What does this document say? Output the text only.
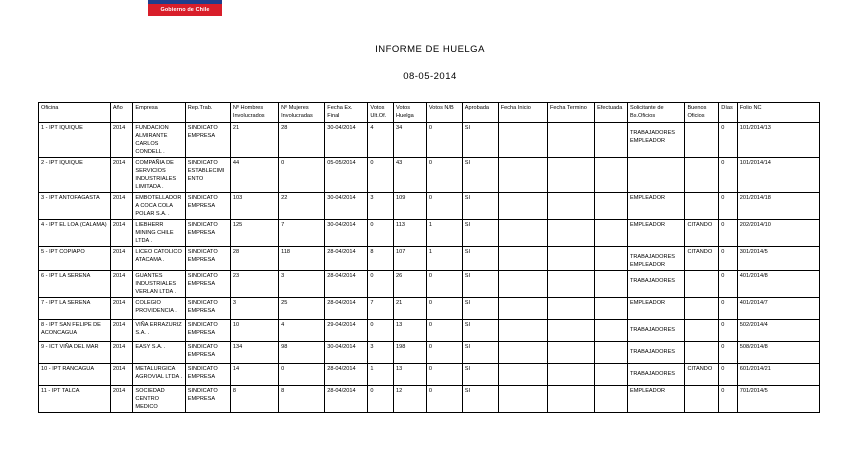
Gobierno de Chile
INFORME DE HUELGA
08-05-2014
Oficina	Año	Empresa	Rep.Trab.	Nº Hombres Involucrados	Nº Mujeres Involucradas	Fecha Ex. Final	Votos Ult.Of.	Votos Huelga	Votos N/B	Aprobada	Fecha Inicio	Fecha Termino	Efectuada	Solicitante de Bs.Oficios	Buenos Oficios	Días	Folio NC
1 - IPT IQUIQUE	2014	FUNDACION ALMIRANTE CARLOS CONDELL .	SINDICATO EMPRESA	21	28	30-04/2014	4	34	0	SI				TRABAJADORES EMPLEADOR		0	101/2014/13
2 - IPT IQUIQUE	2014	COMPAÑIA DE SERVICIOS INDUSTRIALES LIMITADA .	SINDICATO ESTABLECIMIENTO	44	0	05-05/2014	0	43	0	SI						0	101/2014/14
3 - IPT ANTOFAGASTA	2014	EMBOTELLADORA COCA COLA POLAR S.A. .	SINDICATO EMPRESA	103	22	30-04/2014	3	109	0	SI				EMPLEADOR		0	201/2014/18
4 - IPT EL LOA (CALAMA)	2014	LIEBHERR MINING CHILE LTDA .	SINDICATO EMPRESA	125	7	30-04/2014	0	113	1	SI				EMPLEADOR	CITANDO	0	202/2014/10
5 - IPT COPIAPO	2014	LICEO CATOLICO ATACAMA .	SINDICATO EMPRESA	28	118	28-04/2014	8	107	1	SI				TRABAJADORES EMPLEADOR	CITANDO	0	301/2014/5
6 - IPT LA SERENA	2014	GUANTES INDUSTRIALES VERLAN LTDA .	SINDICATO EMPRESA	23	3	28-04/2014	0	26	0	SI				TRABAJADORES		0	401/2014/8
7 - IPT LA SERENA	2014	COLEGIO PROVIDENCIA .	SINDICATO EMPRESA	3	25	28-04/2014	7	21	0	SI				EMPLEADOR		0	401/2014/7
8 - IPT SAN FELIPE DE ACONCAGUA	2014	VIÑA ERRAZURIZ S.A. .	SINDICATO EMPRESA	10	4	29-04/2014	0	13	0	SI				TRABAJADORES		0	502/2014/4
9 - ICT VIÑA DEL MAR	2014	EASY S.A. .	SINDICATO EMPRESA	134	98	30-04/2014	3	198	0	SI				TRABAJADORES		0	508/2014/8
10 - IPT RANCAGUA	2014	METALURGICA AGROVIAL LTDA .	SINDICATO EMPRESA	14	0	28-04/2014	1	13	0	SI				TRABAJADORES	CITANDO	0	601/2014/21
11 - IPT TALCA	2014	SOCIEDAD CENTRO MEDICO	SINDICATO EMPRESA	8	8	28-04/2014	0	12	0	SI				EMPLEADOR		0	701/2014/5
